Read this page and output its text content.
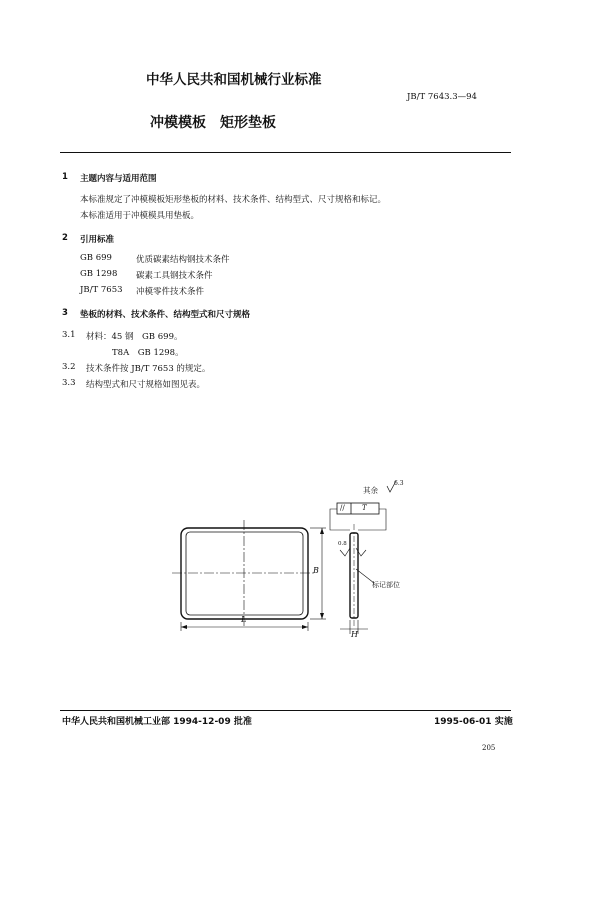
中华人民共和国机械行业标准
JB/T 7643.3—94
冲模模板　矩形垫板
1 主题内容与适用范围
本标准规定了冲模模板矩形垫板的材料、技术条件、结构型式、尺寸规格和标记。
本标准适用于冲模模具用垫板。
2 引用标准
GB 699	优质碳素结构钢技术条件
GB 1298 碳素工具钢技术条件
JB/T 7653 冲模零件技术条件
3 垫板的材料、技术条件、结构型式和尺寸规格
3.1 材料：45 钢　GB 699。
T8A　GB 1298。
3.2 技术条件按 JB/T 7653 的规定。
3.3 结构型式和尺寸规格如图见表。
其余
6.3
// T
0.8
L
B
H
标记部位
中华人民共和国机械工业部 1994-12-09 批准	1995-06-01 实施
205
